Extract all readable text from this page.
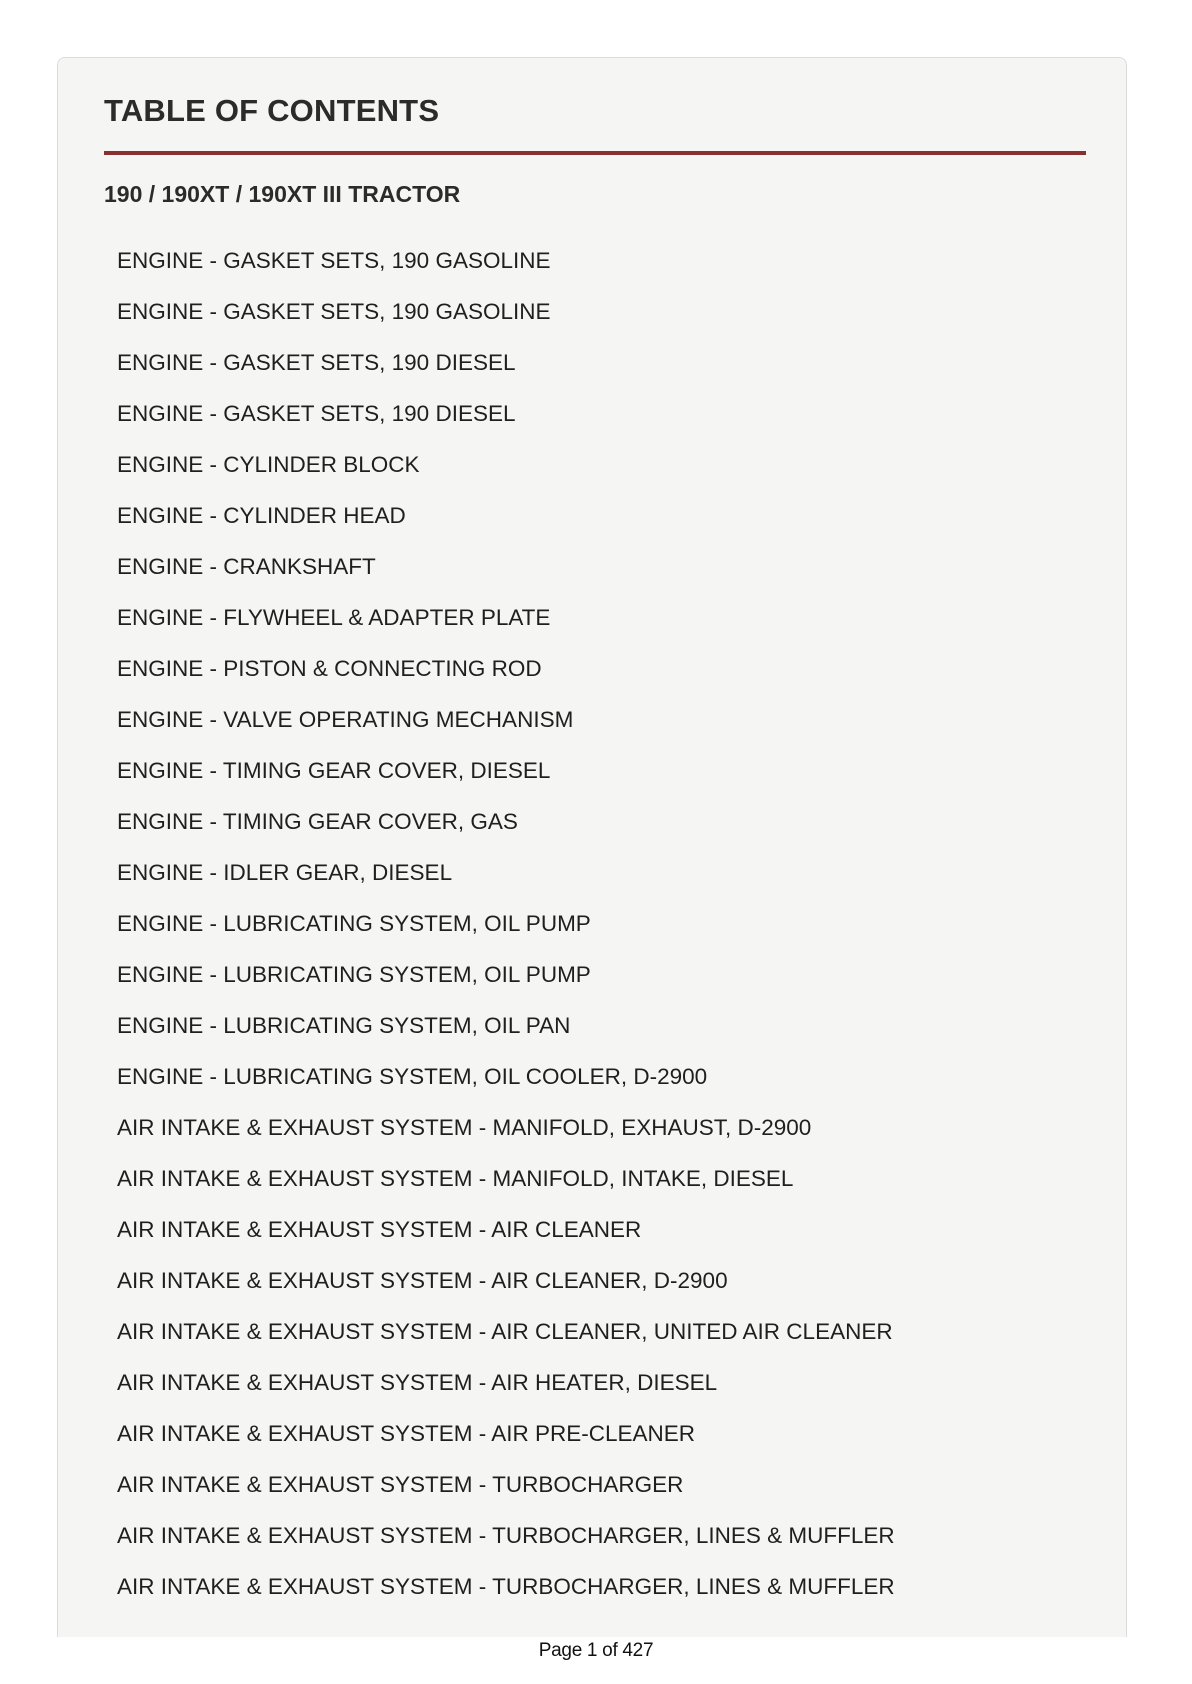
TABLE OF CONTENTS
190 / 190XT / 190XT III TRACTOR
ENGINE - GASKET SETS, 190 GASOLINE
ENGINE - GASKET SETS, 190 GASOLINE
ENGINE - GASKET SETS, 190 DIESEL
ENGINE - GASKET SETS, 190 DIESEL
ENGINE - CYLINDER BLOCK
ENGINE - CYLINDER HEAD
ENGINE - CRANKSHAFT
ENGINE - FLYWHEEL & ADAPTER PLATE
ENGINE - PISTON & CONNECTING ROD
ENGINE - VALVE OPERATING MECHANISM
ENGINE - TIMING GEAR COVER, DIESEL
ENGINE - TIMING GEAR COVER, GAS
ENGINE - IDLER GEAR, DIESEL
ENGINE - LUBRICATING SYSTEM, OIL PUMP
ENGINE - LUBRICATING SYSTEM, OIL PUMP
ENGINE - LUBRICATING SYSTEM, OIL PAN
ENGINE - LUBRICATING SYSTEM, OIL COOLER, D-2900
AIR INTAKE & EXHAUST SYSTEM - MANIFOLD, EXHAUST, D-2900
AIR INTAKE & EXHAUST SYSTEM - MANIFOLD, INTAKE, DIESEL
AIR INTAKE & EXHAUST SYSTEM - AIR CLEANER
AIR INTAKE & EXHAUST SYSTEM - AIR CLEANER, D-2900
AIR INTAKE & EXHAUST SYSTEM - AIR CLEANER, UNITED AIR CLEANER
AIR INTAKE & EXHAUST SYSTEM - AIR HEATER, DIESEL
AIR INTAKE & EXHAUST SYSTEM - AIR PRE-CLEANER
AIR INTAKE & EXHAUST SYSTEM - TURBOCHARGER
AIR INTAKE & EXHAUST SYSTEM - TURBOCHARGER, LINES & MUFFLER
AIR INTAKE & EXHAUST SYSTEM - TURBOCHARGER, LINES & MUFFLER
Page 1 of 427
